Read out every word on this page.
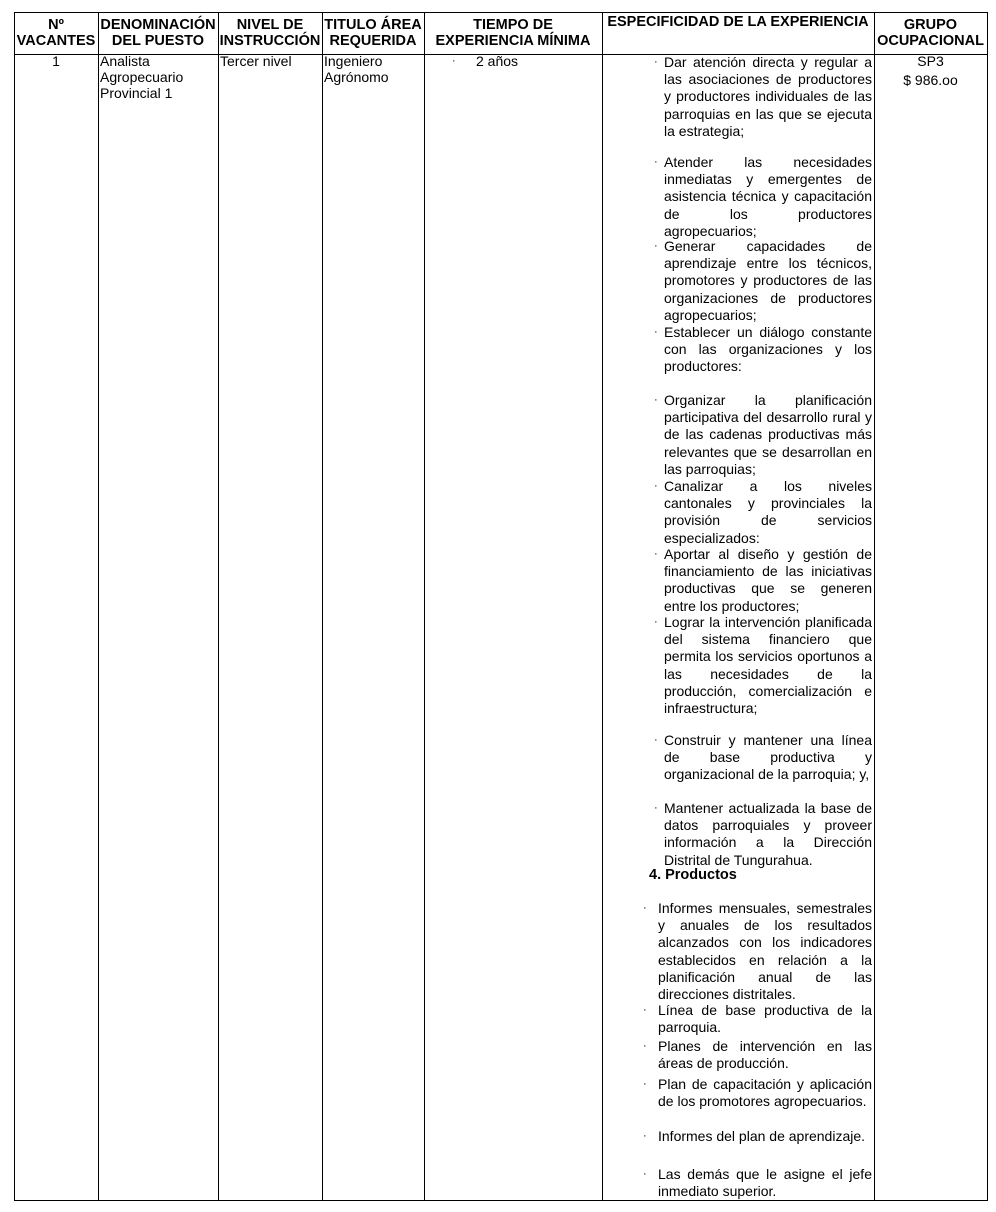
Nº
VACANTES
DENOMINACIÓN
DEL PUESTO
NIVEL DE
INSTRUCCIÓN
TITULO ÁREA
REQUERIDA
TIEMPO DE
EXPERIENCIA MÍNIMA
ESPECIFICIDAD DE LA EXPERIENCIA GRUPO
OCUPACIONAL
1	Analista
Agropecuario
Provincial 1
Tercer nivel Ingeniero
Agrónomo
· 2 años	SP3
$ 986.oo
· Dar atención directa y regular a las asociaciones de productores y productores individuales de las parroquias en las que se ejecuta la estrategia;
· Atender las necesidades inmediatas y emergentes de asistencia técnica y capacitación de los productores agropecuarios;
· Generar capacidades de aprendizaje entre los técnicos, promotores y productores de las organizaciones de productores agropecuarios;
· Establecer un diálogo constante con las organizaciones y los productores:
· Organizar la planificación participativa del desarrollo rural y de las cadenas productivas más relevantes que se desarrollan en las parroquias;
· Canalizar a los niveles cantonales y provinciales la provisión de servicios especializados:
· Aportar al diseño y gestión de financiamiento de las iniciativas productivas que se generen entre los productores;
· Lograr la intervención planificada del sistema financiero que permita los servicios oportunos a las necesidades de la producción, comercialización e infraestructura;
· Construir y mantener una línea de base productiva y organizacional de la parroquia; y,
· Mantener actualizada la base de datos parroquiales y proveer información a la Dirección Distrital de Tungurahua.
4. Productos
· Informes mensuales, semestrales y anuales de los resultados alcanzados con los indicadores establecidos en relación a la planificación anual de las direcciones distritales.
· Línea de base productiva de la parroquia.
· Planes de intervención en las áreas de producción.
· Plan de capacitación y aplicación de los promotores agropecuarios.
· Informes del plan de aprendizaje.
· Las demás que le asigne el jefe inmediato superior.
